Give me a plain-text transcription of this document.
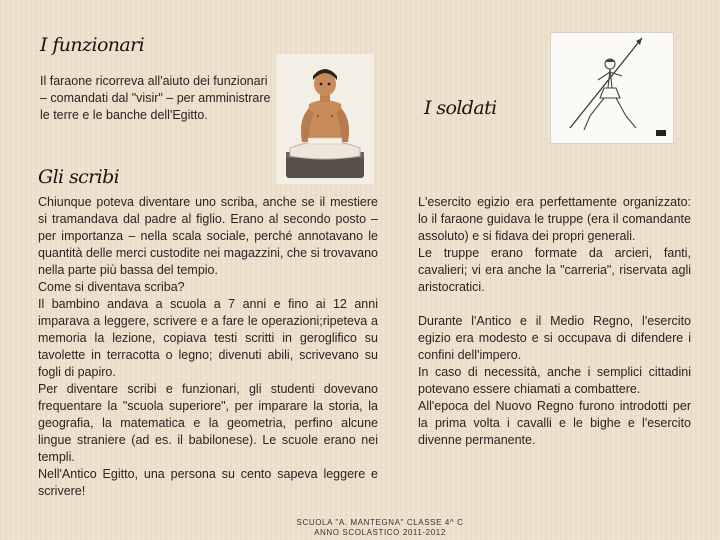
I funzionari
I soldati
Gli scribi

Il faraone ricorreva all'aiuto dei funzionari – comandati dal "visir" – per amministrare le terre e le banche dell'Egitto.

Chiunque poteva diventare uno scriba, anche se il mestiere si tramandava dal padre al figlio. Erano al secondo posto – per importanza – nella scala sociale, perché annotavano le quantità delle merci custodite nei magazzini, che si trovavano nella parte più bassa del tempio.

Come si diventava scriba?

Il bambino andava a scuola a 7 anni e fino ai 12 anni imparava a leggere, scrivere e a fare le operazioni;ripeteva a memoria la lezione, copiava testi scritti in geroglifico su tavolette in terracotta o legno; divenuti abili, scrivevano su fogli di papiro.

Per diventare scribi e funzionari, gli studenti dovevano frequentare la "scuola superiore", per imparare la storia, la geografia, la matematica e la geometria, perfino alcune lingue straniere (ad es. il babilonese). Le scuole erano nei templi.

Nell'Antico Egitto, una persona su cento sapeva leggere e scrivere!

L'esercito egizio era perfettamente organizzato: lo il faraone guidava le truppe (era il comandante assoluto) e si fidava dei propri generali.

Le truppe erano formate da arcieri, fanti, cavalieri; vi era anche la "carreria", riservata agli aristocratici.

Durante l'Antico e il Medio Regno, l'esercito egizio era modesto e si occupava di difendere i confini dell'impero.

In caso di necessità, anche i semplici cittadini potevano essere chiamati a combattere.

All'epoca del Nuovo Regno furono introdotti per la prima volta i cavalli e le bighe e l'esercito divenne permanente.

SCUOLA "A. MANTEGNA" CLASSE 4^ C
ANNO SCOLASTICO 2011-2012
